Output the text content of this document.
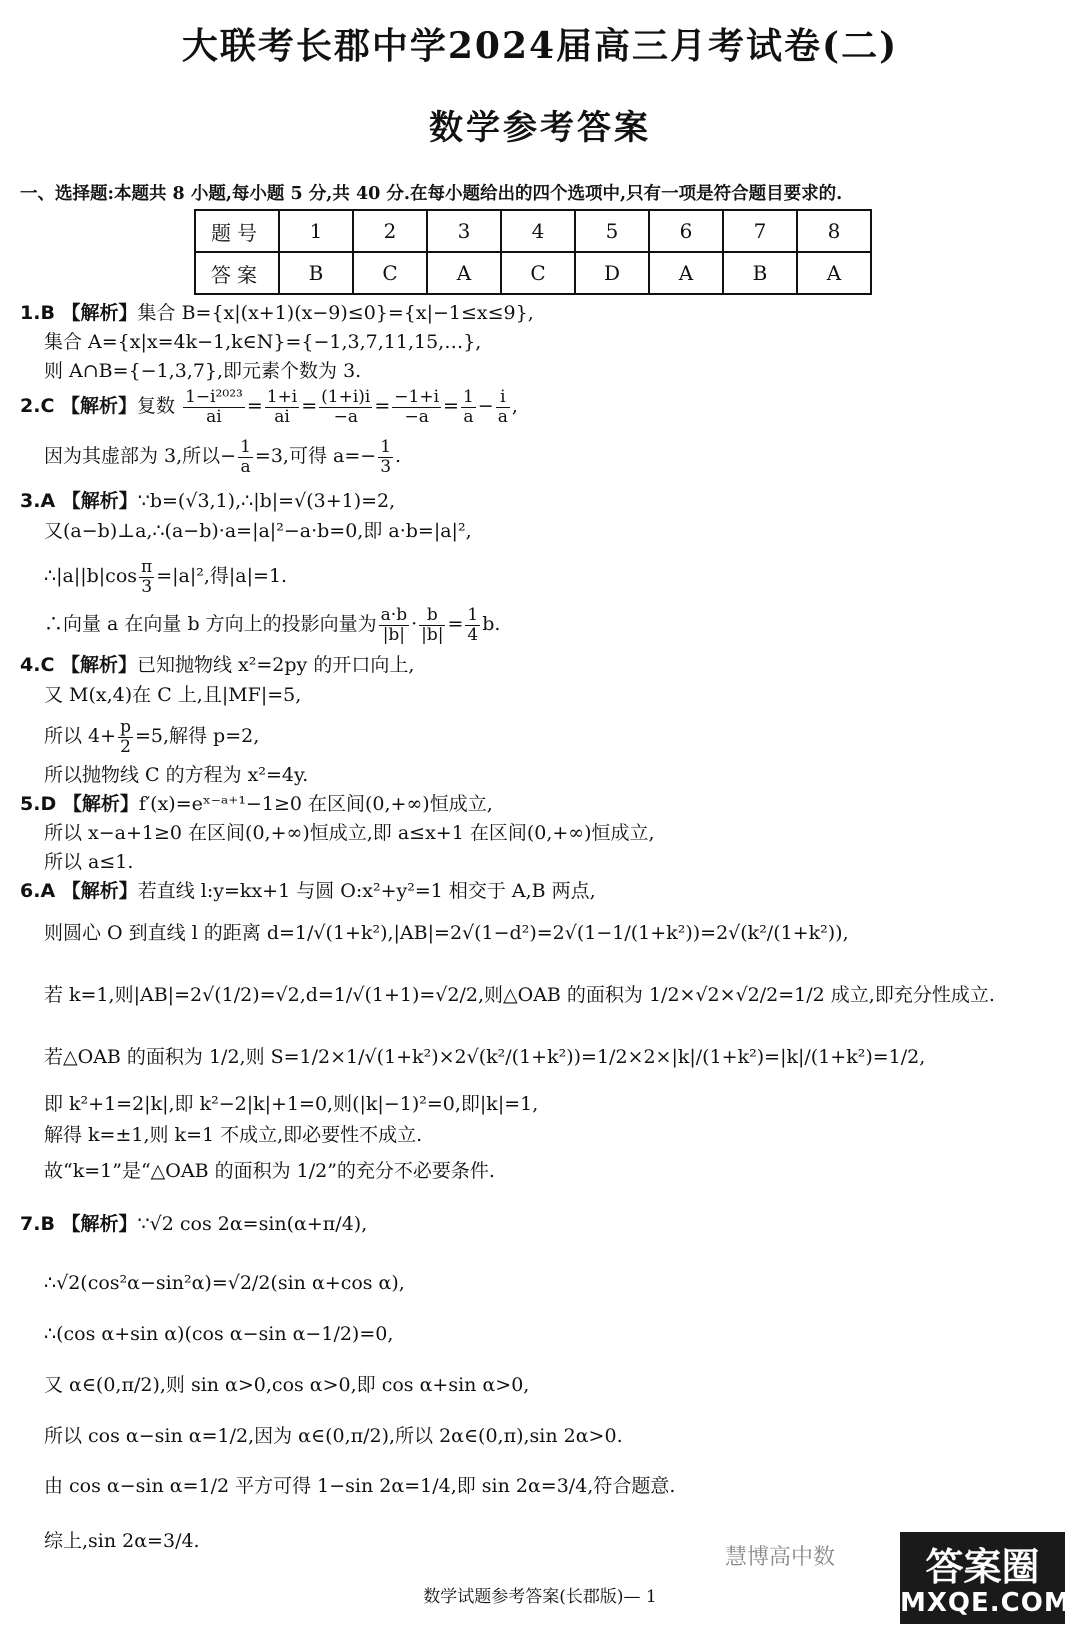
大联考长郡中学2024届高三月考试卷(二)
数学参考答案
一、选择题:本题共 8 小题,每小题 5 分,共 40 分.在每小题给出的四个选项中,只有一项是符合题目要求的.
题号	1	2	3	4	5	6	7	8
答案	B	C	A	C	D	A	B	A
1.B 【解析】集合 B={x|(x+1)(x−9)≤0}={x|−1≤x≤9},
集合 A={x|x=4k−1,k∈N}={−1,3,7,11,15,…},
则 A∩B={−1,3,7},即元素个数为 3.
2.C 【解析】复数 $\frac{\text{1−i²⁰²³}}{ai} = \frac{1+i}{ai} = \frac{(1+i)i}{-a} = \frac{-1+i}{-a} = \frac{1}{a} - \frac{i}{a}$ ,
因为其虚部为 3,所以− $\frac{1}{a} =3$,可得 $a=- \frac{1}{3}$ .
3.A 【解析】∵b=(√3,1),∴|b|=√(3+1)=2,
又(a−b)⊥a,∴(a−b)·a=|a|²−a·b=0,即 a·b=|a|²,
∴|a||b|cos $\frac{\pi}{3} =|a|^2$,得|a|=1.
∴向量 a 在向量 b 方向上的投影向量为 $\frac{a\cdot b}{|b|} \cdot \frac{b}{|b|} = \frac{1}{4} b$.
4.C 【解析】已知抛物线 x²=2py 的开口向上,
又 M(x,4)在 C 上,且|MF|=5,
所以 $4+ \frac{p}{2} =5$,解得 p=2,
所以抛物线 C 的方程为 x²=4y.
5.D 【解析】f′(x)=eˣ⁻ᵃ⁺¹−1≥0 在区间(0,+∞)恒成立,
所以 x−a+1≥0 在区间(0,+∞)恒成立,即 a≤x+1 在区间(0,+∞)恒成立,
所以 a≤1.
6.A 【解析】若直线 l:y=kx+1 与圆 O:x²+y²=1 相交于 A,B 两点,
则圆心 O 到直线 l 的距离 d=1/√(1+k²),|AB|=2√(1−d²)=2√(1−1/(1+k²))=2√(k²/(1+k²)),
若 k=1,则|AB|=2√(1/2)=√2,d=1/√(1+1)=√2/2,则△OAB 的面积为 1/2×√2×√2/2=1/2 成立,即充分性成立.
若△OAB 的面积为 1/2,则 S=1/2×1/√(1+k²)×2√(k²/(1+k²))=1/2×2×|k|/(1+k²)=|k|/(1+k²)=1/2,
即 k²+1=2|k|,即 k²−2|k|+1=0,则(|k|−1)²=0,即|k|=1,
解得 k=±1,则 k=1 不成立,即必要性不成立.
故“k=1”是“△OAB 的面积为 1/2”的充分不必要条件.
7.B 【解析】∵√2 cos 2α=sin(α+π/4),
∴√2(cos²α−sin²α)=√2/2(sin α+cos α),
∴(cos α+sin α)(cos α−sin α−1/2)=0,
又 α∈(0,π/2),则 sin α>0,cos α>0,即 cos α+sin α>0,
所以 cos α−sin α=1/2,因为 α∈(0,π/2),所以 2α∈(0,π),sin 2α>0.
由 cos α−sin α=1/2 平方可得 1−sin 2α=1/4,即 sin 2α=3/4,符合题意.
综上,sin 2α=3/4.
数学试题参考答案(长郡版)— 1
慧博高中数	答案圈
MXQE.COM
